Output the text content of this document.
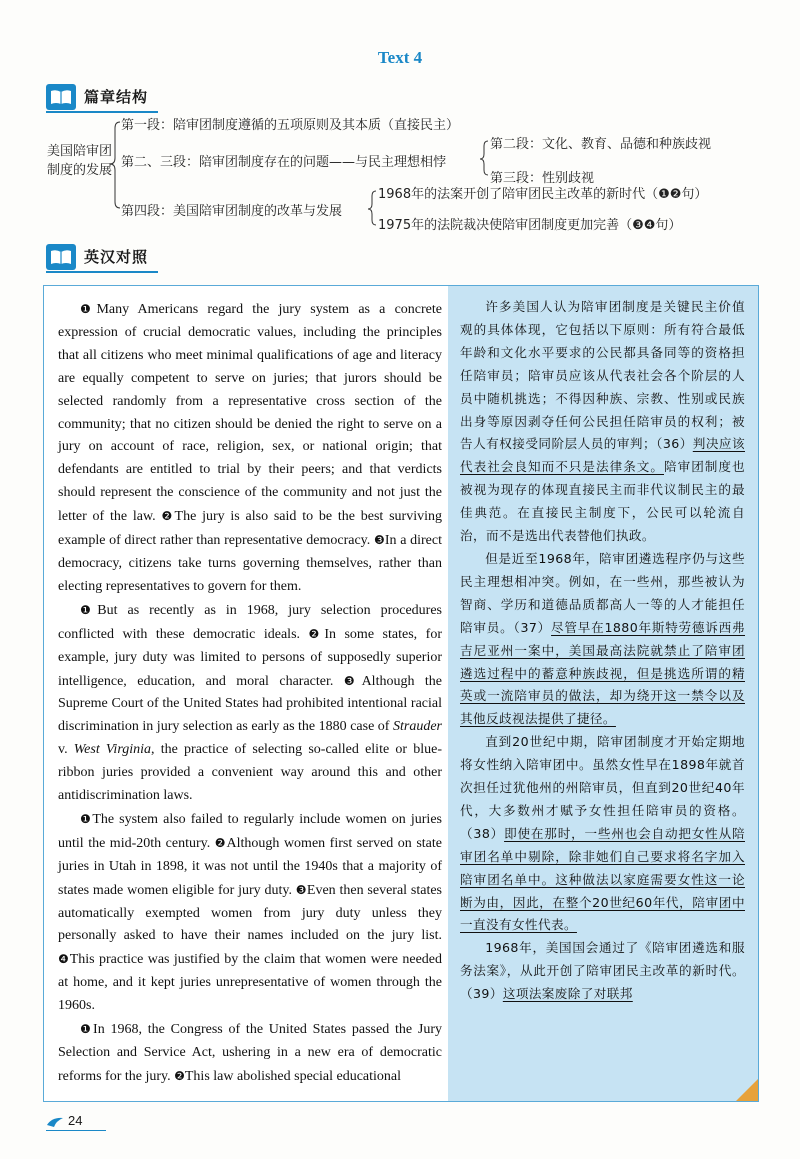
Text 4
篇章结构
美国陪审团制度的发展
第一段：陪审团制度遵循的五项原则及其本质（直接民主）
第二、三段：陪审团制度存在的问题——与民主理想相悖
第二段：文化、教育、品德和种族歧视
第三段：性别歧视
第四段：美国陪审团制度的改革与发展
1968年的法案开创了陪审团民主改革的新时代（❶❷句）
1975年的法院裁决使陪审团制度更加完善（❸❹句）
英汉对照

❶Many Americans regard the jury system as a concrete expression of crucial democratic values, including the principles that all citizens who meet minimal qualifications of age and literacy are equally competent to serve on juries; that jurors should be selected randomly from a representative cross section of the community; that no citizen should be denied the right to serve on a jury on account of race, religion, sex, or national origin; that defendants are entitled to trial by their peers; and that verdicts should represent the conscience of the community and not just the letter of the law. ❷The jury is also said to be the best surviving example of direct rather than representative democracy. ❸In a direct democracy, citizens take turns governing themselves, rather than electing representatives to govern for them.

❶But as recently as in 1968, jury selection procedures conflicted with these democratic ideals. ❷In some states, for example, jury duty was limited to persons of supposedly superior intelligence, education, and moral character. ❸Although the Supreme Court of the United States had prohibited intentional racial discrimination in jury selection as early as the 1880 case of Strauder v. West Virginia, the practice of selecting so-called elite or blue-ribbon juries provided a convenient way around this and other antidiscrimination laws.

❶The system also failed to regularly include women on juries until the mid-20th century. ❷Although women first served on state juries in Utah in 1898, it was not until the 1940s that a majority of states made women eligible for jury duty. ❸Even then several states automatically exempted women from jury duty unless they personally asked to have their names included on the jury list. ❹This practice was justified by the claim that women were needed at home, and it kept juries unrepresentative of women through the 1960s.

❶In 1968, the Congress of the United States passed the Jury Selection and Service Act, ushering in a new era of democratic reforms for the jury. ❷This law abolished special educational

许多美国人认为陪审团制度是关键民主价值观的具体体现，它包括以下原则：所有符合最低年龄和文化水平要求的公民都具备同等的资格担任陪审员；陪审员应该从代表社会各个阶层的人员中随机挑选；不得因种族、宗教、性别或民族出身等原因剥夺任何公民担任陪审员的权利；被告人有权接受同阶层人员的审判；（36）判决应该代表社会良知而不只是法律条文。陪审团制度也被视为现存的体现直接民主而非代议制民主的最佳典范。在直接民主制度下，公民可以轮流自治，而不是选出代表替他们执政。

但是近至1968年，陪审团遴选程序仍与这些民主理想相冲突。例如，在一些州，那些被认为智商、学历和道德品质都高人一等的人才能担任陪审员。（37）尽管早在1880年斯特劳德诉西弗吉尼亚州一案中，美国最高法院就禁止了陪审团遴选过程中的蓄意种族歧视，但是挑选所谓的精英或一流陪审员的做法，却为绕开这一禁令以及其他反歧视法提供了捷径。

直到20世纪中期，陪审团制度才开始定期地将女性纳入陪审团中。虽然女性早在1898年就首次担任过犹他州的州陪审员，但直到20世纪40年代，大多数州才赋予女性担任陪审员的资格。（38）即使在那时，一些州也会自动把女性从陪审团名单中剔除，除非她们自己要求将名字加入陪审团名单中。这种做法以家庭需要女性这一论断为由，因此，在整个20世纪60年代，陪审团中一直没有女性代表。

1968年，美国国会通过了《陪审团遴选和服务法案》，从此开创了陪审团民主改革的新时代。（39）这项法案废除了对联邦

24
